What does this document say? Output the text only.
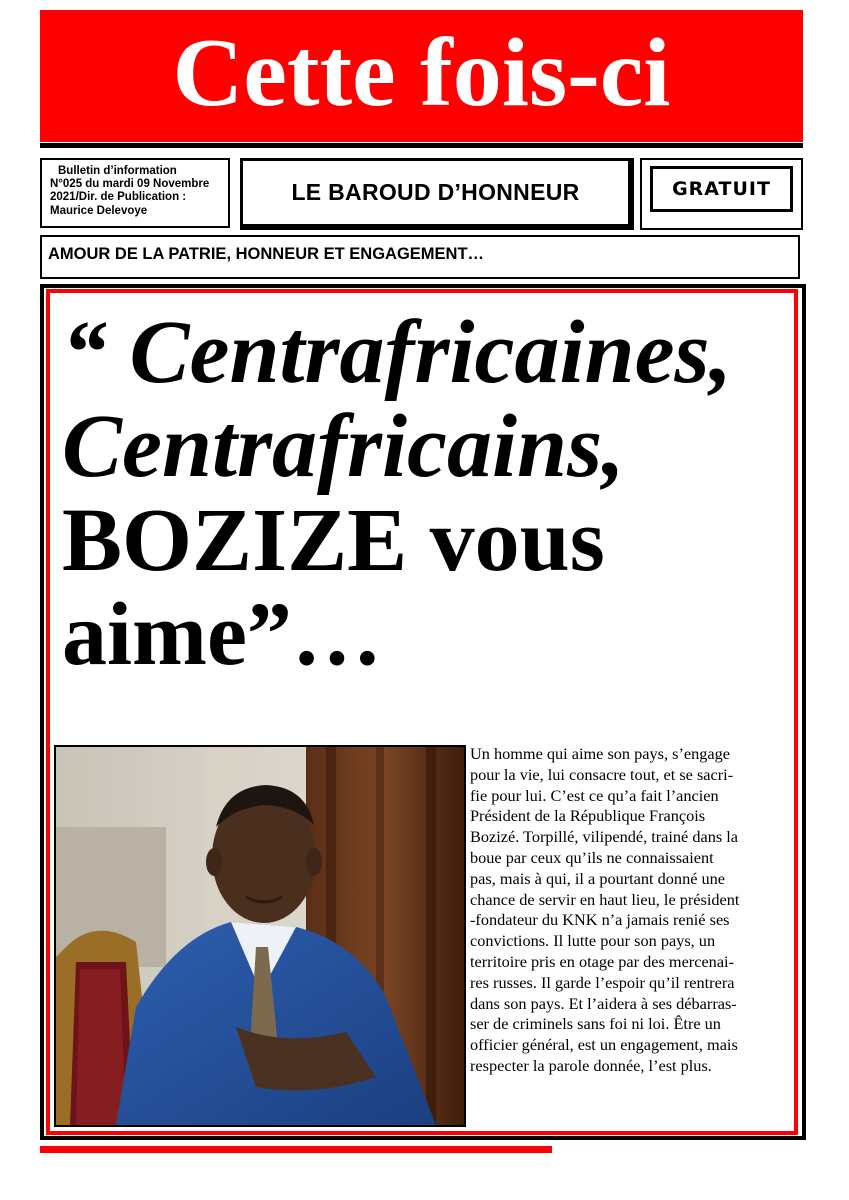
Cette fois-ci
Bulletin d’information
N°025 du mardi 09 Novembre
2021/Dir. de Publication :
Maurice Delevoye
LE BAROUD D’HONNEUR	GRATUIT
AMOUR DE LA PATRIE, HONNEUR ET ENGAGEMENT…
“ Centrafricaines,
Centrafricains,
BOZIZE vous
aime”…
Un homme qui aime son pays, s’engage
pour la vie, lui consacre tout, et se sacri-
fie pour lui. C’est ce qu’a fait l’ancien
Président de la République François
Bozizé. Torpillé, vilipendé, trainé dans la
boue par ceux qu’ils ne connaissaient
pas, mais à qui, il a pourtant donné une
chance de servir en haut lieu, le président
-fondateur du KNK n’a jamais renié ses
convictions. Il lutte pour son pays, un
territoire pris en otage par des mercenai-
res russes. Il garde l’espoir qu’il rentrera
dans son pays. Et l’aidera à ses débarras-
ser de criminels sans foi ni loi. Être un
officier général, est un engagement, mais
respecter la parole donnée, l’est plus.
